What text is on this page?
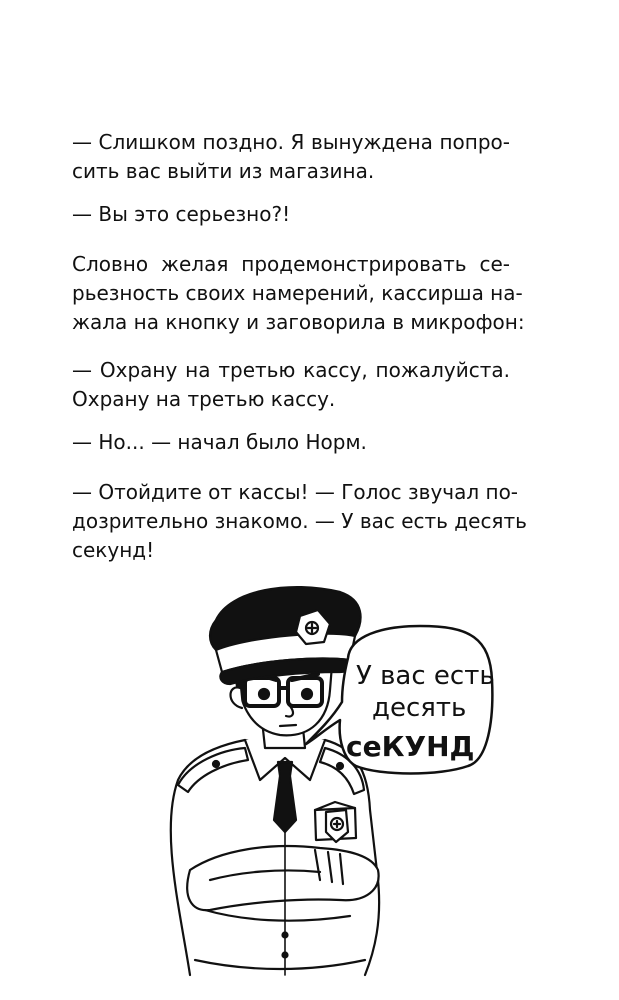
— Слишком поздно. Я вынуждена попро-
сить вас выйти из магазина.
— Вы это серьезно?!
Словно желая продемонстрировать се-
рьезность своих намерений, кассирша на-
жала на кнопку и заговорила в микрофон:
— Охрану на третью кассу, пожалуйста.
Охрану на третью кассу.
— Но... — начал было Норм.
— Отойдите от кассы! — Голос звучал по-
дозрительно знакомо. — У вас есть десять
секунд!
У вас есть
десять
сеКУНД
